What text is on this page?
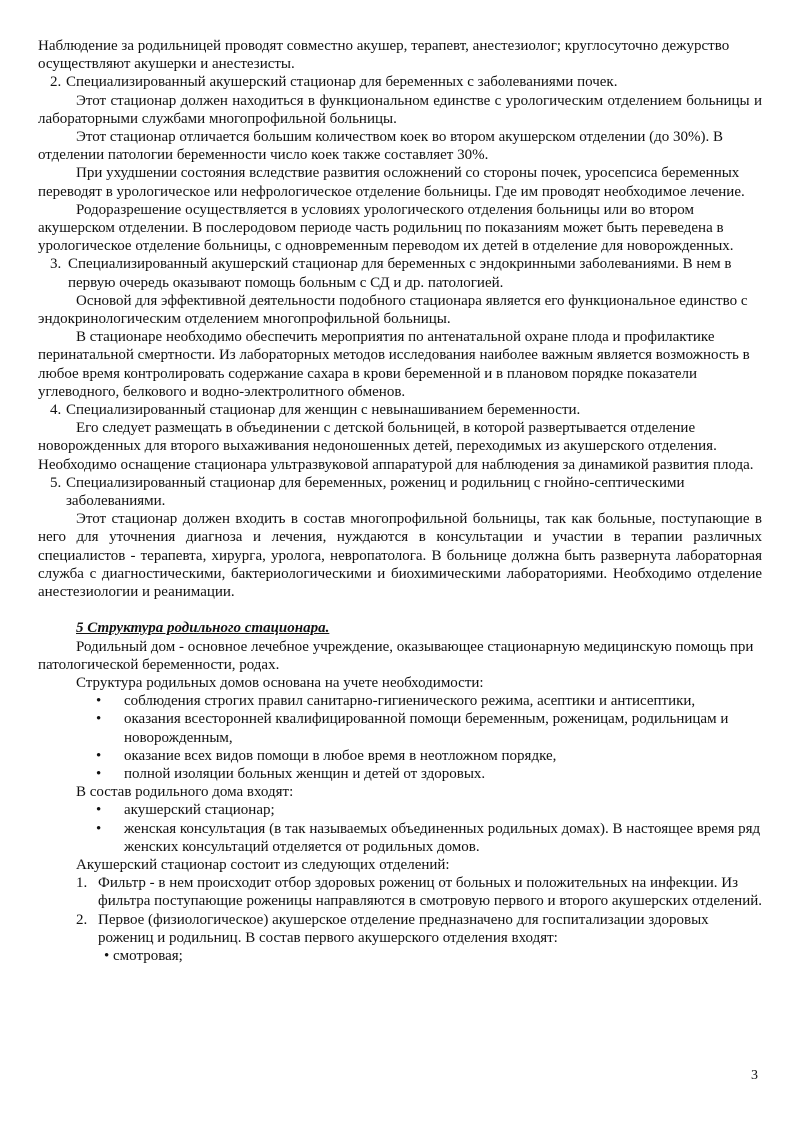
Наблюдение за родильницей проводят совместно акушер, терапевт, анестезиолог; круглосуточно дежурство осуществляют акушерки и анестезисты.

2. Специализированный акушерский стационар для беременных с заболеваниями почек.

Этот стационар должен находиться в функциональном единстве с урологическим отделением больницы и лабораторными службами многопрофильной больницы.

Этот стационар отличается большим количеством коек во втором акушерском отделении (до 30%). В отделении патологии беременности число коек также составляет 30%.

При ухудшении состояния вследствие развития осложнений со стороны почек, уросепсиса беременных переводят в урологическое или нефрологическое отделение больницы. Где им проводят необходимое лечение.

Родоразрешение осуществляется в условиях урологического отделения больницы или во втором акушерском отделении. В послеродовом периоде часть родильниц по показаниям может быть переведена в урологическое отделение больницы, с одновременным переводом их детей в отделение для новорожденных.

3. Специализированный акушерский стационар для беременных с эндокринными заболеваниями. В нем в первую очередь оказывают помощь больным с СД и др. патологией.

Основой для эффективной деятельности подобного стационара является его функциональное единство с эндокринологическим отделением многопрофильной больницы.

В стационаре необходимо обеспечить мероприятия по антенатальной охране плода и профилактике перинатальной смертности. Из лабораторных методов исследования наиболее важным является возможность в любое время контролировать содержание сахара в крови беременной и в плановом порядке показатели углеводного, белкового и водно-электролитного обменов.

4. Специализированный стационар для женщин с невынашиванием беременности.

Его следует размещать в объединении с детской больницей, в которой развертывается отделение новорожденных для второго выхаживания недоношенных детей, переходимых из акушерского отделения. Необходимо оснащение стационара ультразвуковой аппаратурой для наблюдения за динамикой развития плода.

5. Специализированный стационар для беременных, рожениц и родильниц с гнойно-септическими заболеваниями.

Этот стационар должен входить в состав многопрофильной больницы, так как больные, поступающие в него для уточнения диагноза и лечения, нуждаются в консультации и участии в терапии различных специалистов - терапевта, хирурга, уролога, невропатолога. В больнице должна быть развернута лабораторная служба с диагностическими, бактериологическими и биохимическими лабораториями. Необходимо отделение анестезиологии и реанимации.

5 Структура родильного стационара.

Родильный дом - основное лечебное учреждение, оказывающее стационарную медицинскую помощь при патологической беременности, родах.

Структура родильных домов основана на учете необходимости:

•	соблюдения строгих правил санитарно-гигиенического режима, асептики и антисептики,
•	оказания всесторонней квалифицированной помощи беременным, роженицам, родильницам и новорожденным,
•	оказание всех видов помощи в любое время в неотложном порядке,
•	полной изоляции больных женщин и детей от здоровых.

В состав родильного дома входят:

•	акушерский стационар;
•	женская консультация (в так называемых объединенных родильных домах). В настоящее время ряд женских консультаций отделяется от родильных домов.

Акушерский стационар состоит из следующих отделений:

1. Фильтр - в нем происходит отбор здоровых рожениц от больных и положительных на инфекции. Из фильтра поступающие роженицы направляются в смотровую первого и второго акушерских отделений.
2. Первое (физиологическое) акушерское отделение предназначено для госпитализации здоровых рожениц и родильниц. В состав первого акушерского отделения входят:

• смотровая;

3
